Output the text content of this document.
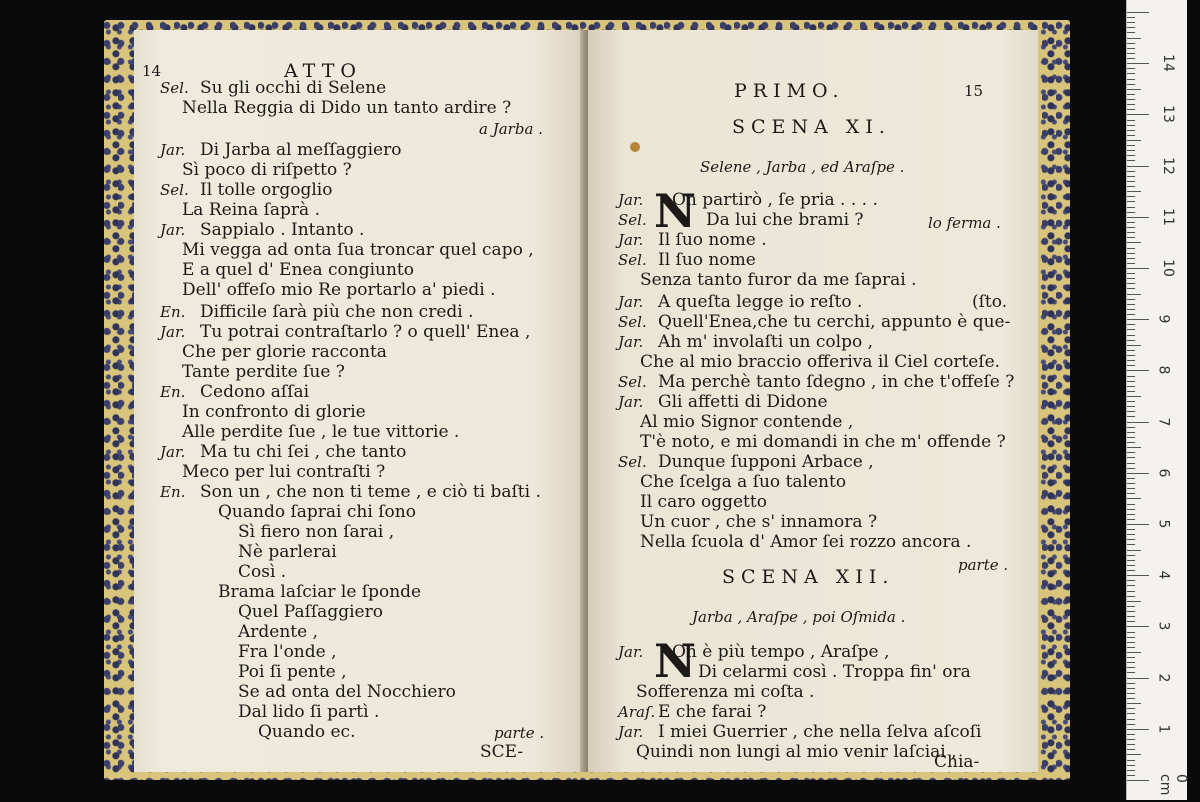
14	ATTO
Sel. Su gli occhi di Selene
Nella Reggia di Dido un tanto ardire ?
a Jarba .
Jar. Di Jarba al meſſaggiero
Sì poco di riſpetto ?
Sel. Il tolle orgoglio
La Reina ſaprà .
Jar. Sappialo . Intanto .
Mi vegga ad onta ſua troncar quel capo ,
E a quel d' Enea congiunto
Dell' offeſo mio Re portarlo a' piedi .
En. Difficile ſarà più che non credi .
Jar. Tu potrai contraſtarlo ? o quell' Enea ,
Che per glorie racconta
Tante perdite ſue ?
En. Cedono aſſai
In confronto di glorie
Alle perdite ſue , le tue vittorie .
Jar. Ma tu chi ſei , che tanto
Meco per lui contraſti ?
En. Son un , che non ti teme , e ciò ti baſti .
Quando ſaprai chi ſono
Sì fiero non ſarai ,
Nè parlerai
Così .
Brama laſciar le ſponde
Quel Paſſaggiero
Ardente ,
Fra l'onde ,
Poi ſi pente ,
Se ad onta del Nocchiero
Dal lido ſi partì .
Quando ec.	parte .
SCE-
PRIMO.	15
SCENA XI.
Selene , Jarba , ed Araſpe .
N
Jar. On partirò , ſe pria . . . .
Sel.	Da lui che brami ?	lo ferma .
Jar. Il ſuo nome .
Sel. Il ſuo nome
Senza tanto furor da me ſaprai .
Jar. A queſta legge io reſto .	(ſto.
Sel. Quell'Enea,che tu cerchi, appunto è que-
Jar. Ah m' involaſti un colpo ,
Che al mio braccio offeriva il Ciel corteſe.
Sel. Ma perchè tanto ſdegno , in che t'offeſe ?
Jar. Gli affetti di Didone
Al mio Signor contende ,
T'è noto, e mi domandi in che m' offende ?
Sel. Dunque ſupponi Arbace ,
Che ſcelga a ſuo talento
Il caro oggetto
Un cuor , che s' innamora ?
Nella ſcuola d' Amor ſei rozzo ancora .
parte .
SCENA XII.
Jarba , Araſpe , poi Oſmida .
N
Jar. On è più tempo , Araſpe ,
Di celarmi così . Troppa fin' ora
Sofferenza mi coſta .
Araſ. E che farai ?
Jar. I miei Guerrier , che nella ſelva aſcoſi
Quindi non lungi al mio venir laſciai ,
Chia-
0 cm
1
2
3
4
5
6
7
8
9
10
11
12
13
14
